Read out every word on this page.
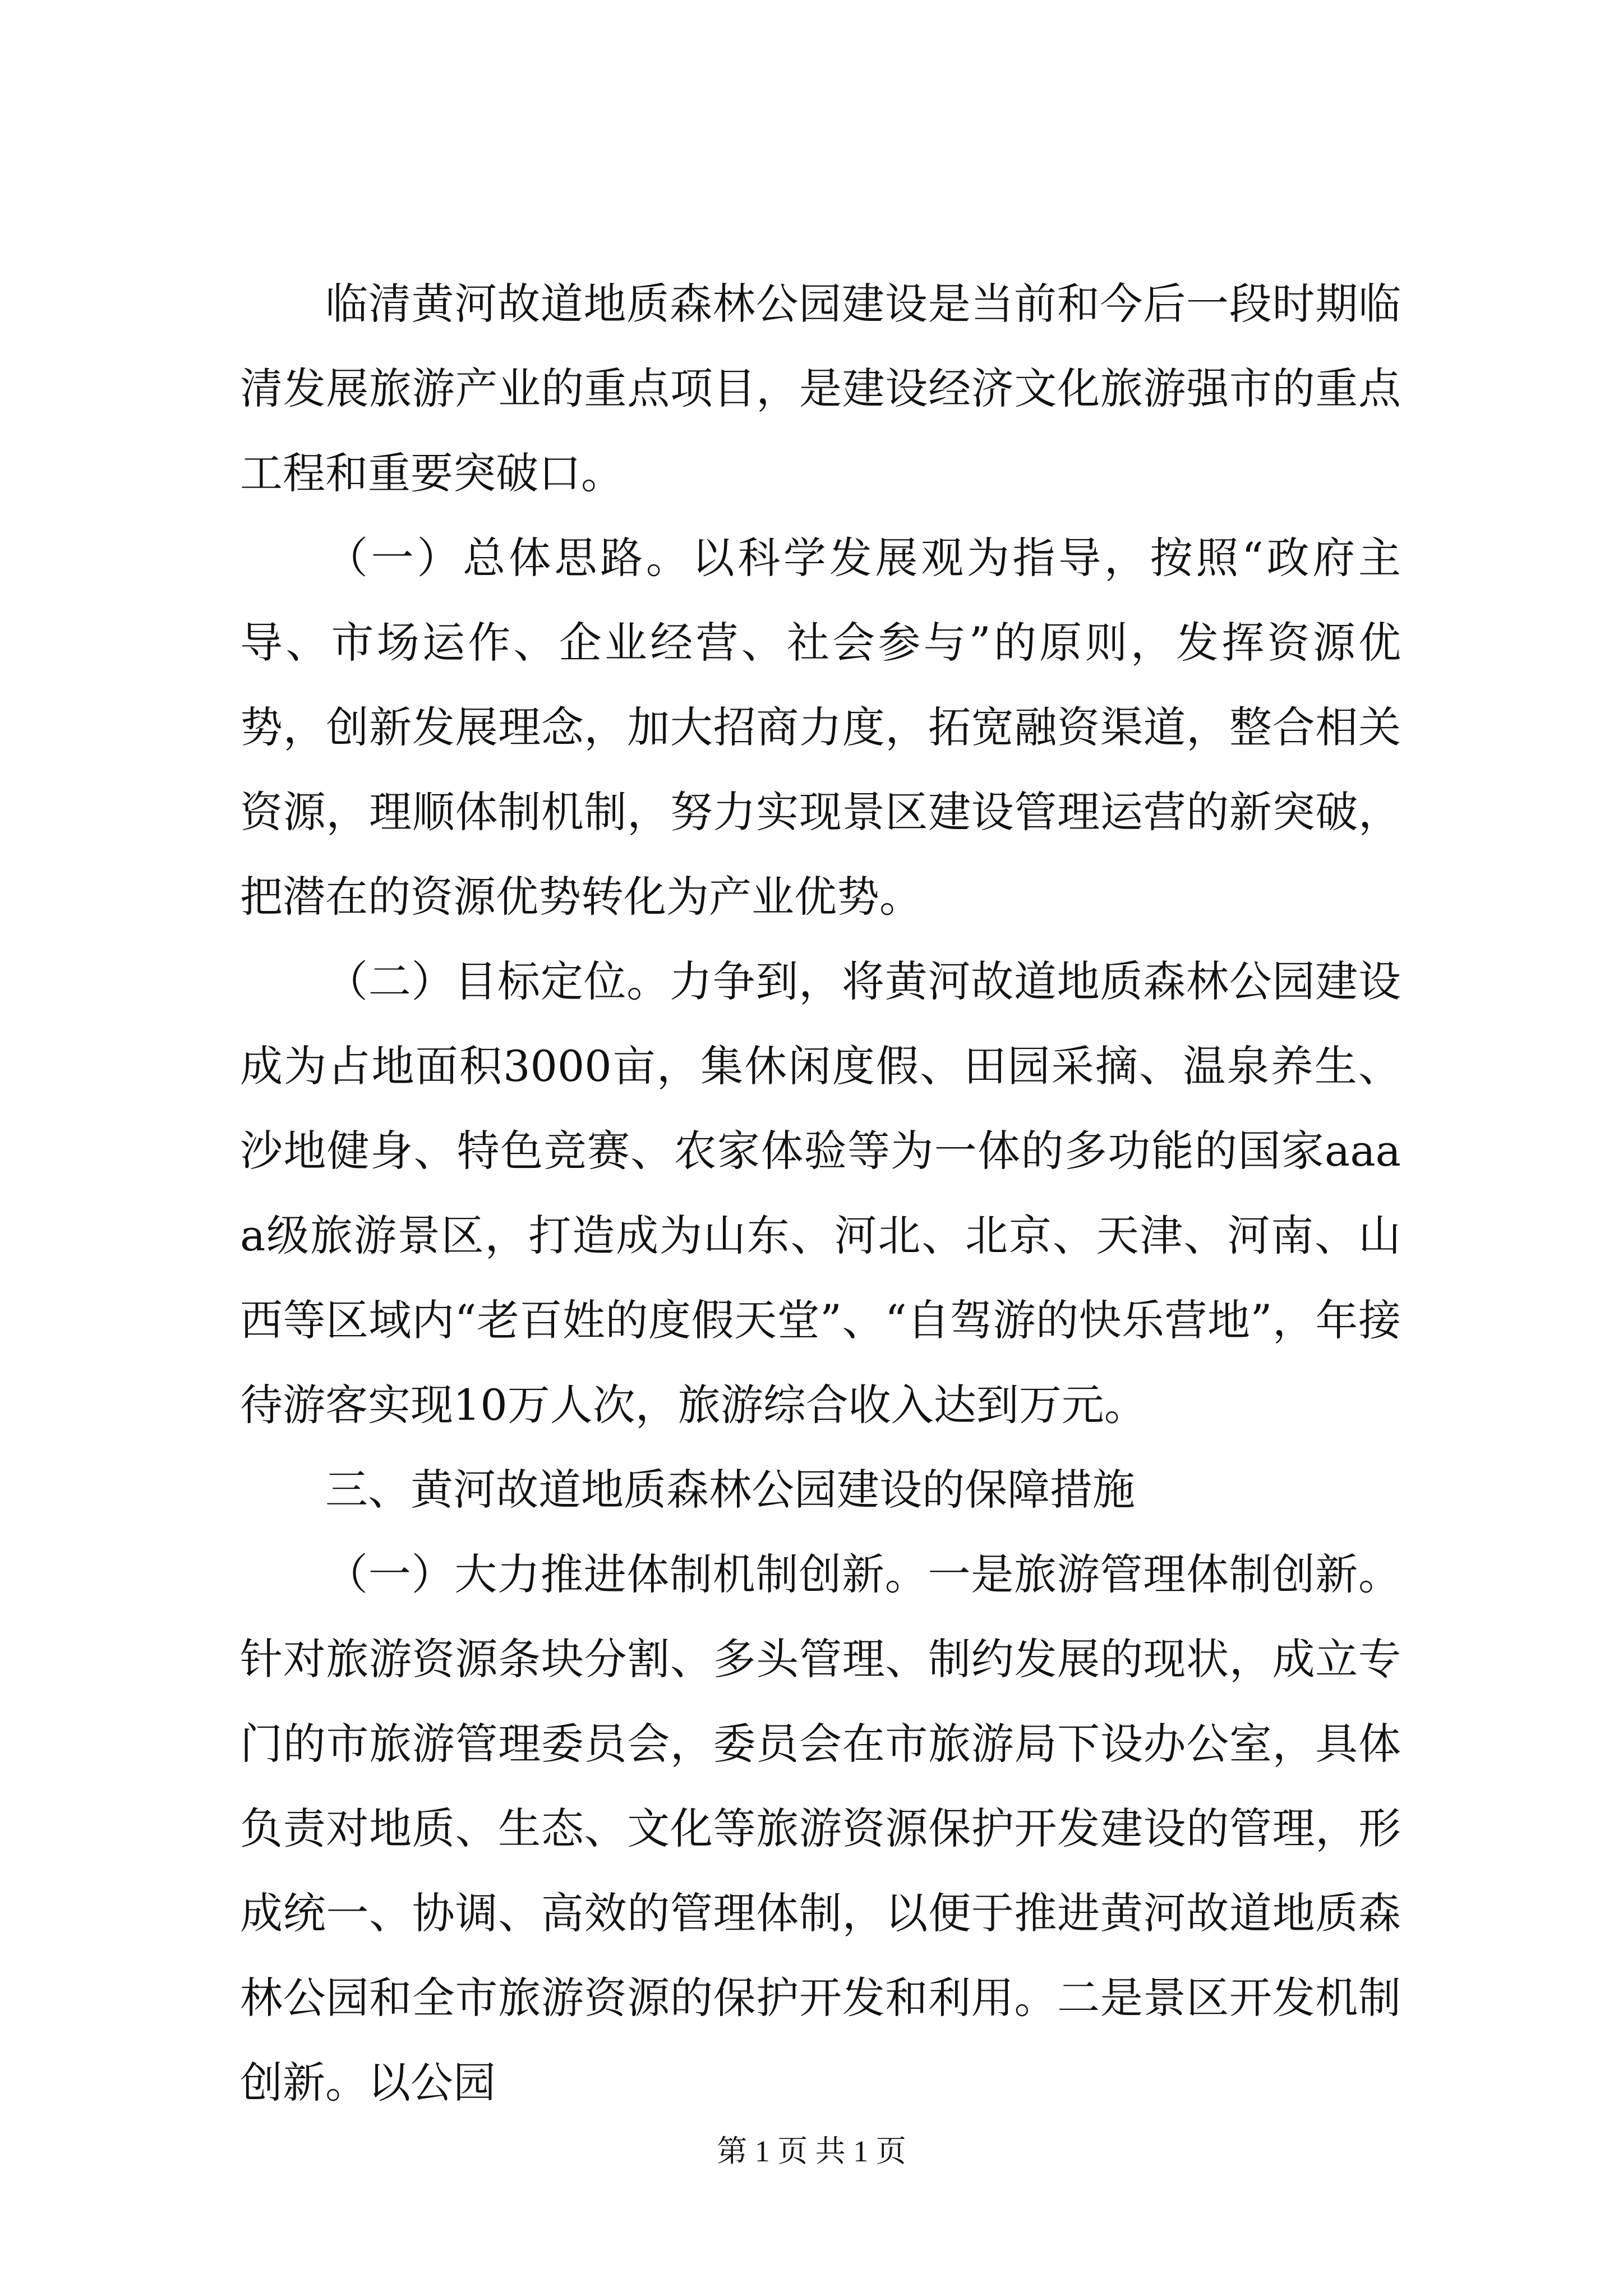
临清黄河故道地质森林公园建设是当前和今后一段时期临清发展旅游产业的重点项目，是建设经济文化旅游强市的重点工程和重要突破口。

（一）总体思路。以科学发展观为指导，按照“政府主导、市场运作、企业经营、社会参与”的原则，发挥资源优势，创新发展理念，加大招商力度，拓宽融资渠道，整合相关资源，理顺体制机制，努力实现景区建设管理运营的新突破，把潜在的资源优势转化为产业优势。

（二）目标定位。力争到，将黄河故道地质森林公园建设成为占地面积3000亩，集休闲度假、田园采摘、温泉养生、沙地健身、特色竞赛、农家体验等为一体的多功能的国家aaaa级旅游景区，打造成为山东、河北、北京、天津、河南、山西等区域内“老百姓的度假天堂”、“自驾游的快乐营地”，年接待游客实现10万人次，旅游综合收入达到万元。

三、黄河故道地质森林公园建设的保障措施

（一）大力推进体制机制创新。一是旅游管理体制创新。针对旅游资源条块分割、多头管理、制约发展的现状，成立专门的市旅游管理委员会，委员会在市旅游局下设办公室，具体负责对地质、生态、文化等旅游资源保护开发建设的管理，形成统一、协调、高效的管理体制，以便于推进黄河故道地质森林公园和全市旅游资源的保护开发和利用。二是景区开发机制创新。以公园

第 1 页 共 1 页
